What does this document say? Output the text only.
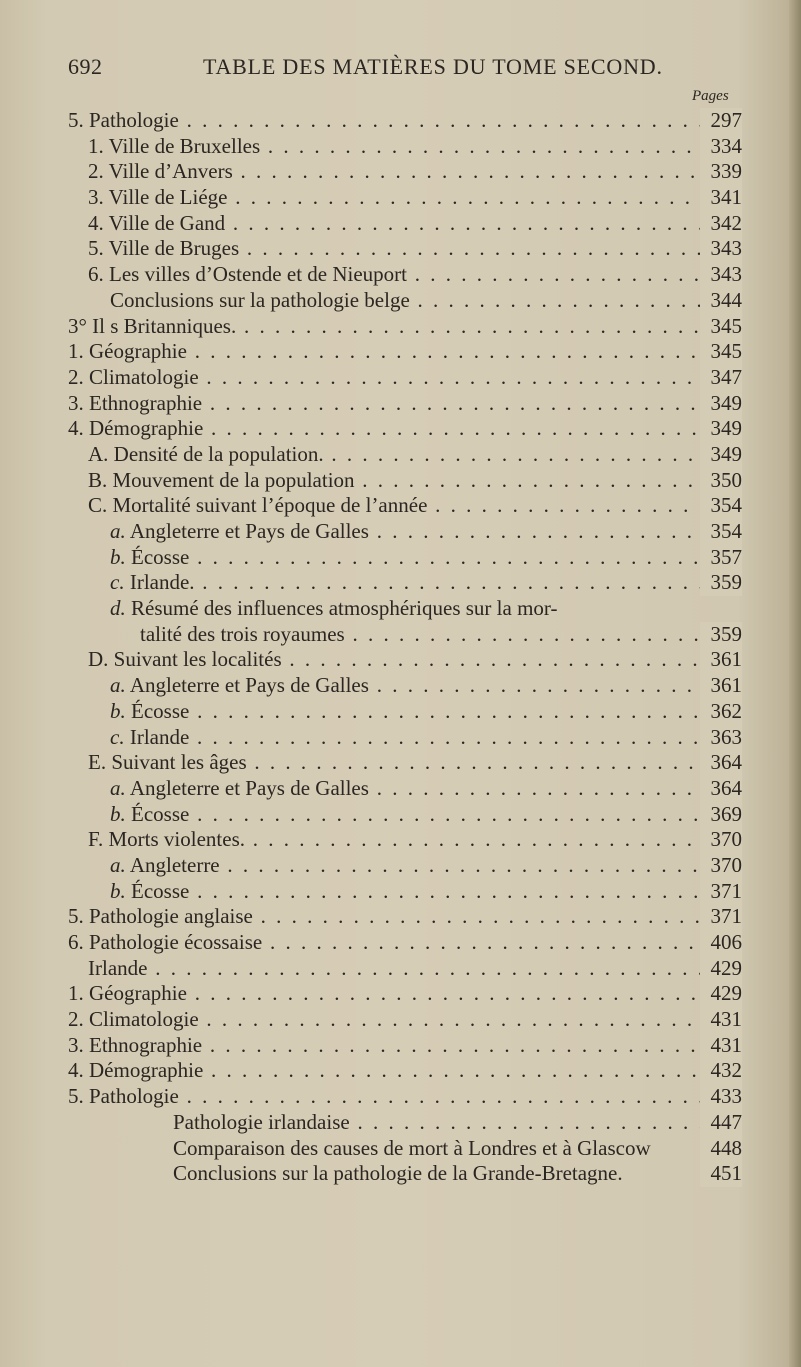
692	TABLE DES MATIÈRES DU TOME SECOND.
Pages
5. Pathologie . . .	297
1. Ville de Bruxelles . . .	334
2. Ville d’Anvers . . .	339
3. Ville de Liége . . .	341
4. Ville de Gand . . .	342
5. Ville de Bruges . . .	343
6. Les villes d’Ostende et de Nieuport . . .	343
Conclusions sur la pathologie belge . . .	344
3° Il s Britanniques. . . .	345
1. Géographie . . .	345
2. Climatologie . . .	347
3. Ethnographie . . .	349
4. Démographie . . .	349
A. Densité de la population. . . .	349
B. Mouvement de la population . . .	350
C. Mortalité suivant l’époque de l’année . . .	354
a. Angleterre et Pays de Galles . . .	354
b. Écosse . . .	357
c. Irlande. . . .	359
d. Résumé des influences atmosphériques sur la mor-
talité des trois royaumes . . .	359
D. Suivant les localités . . .	361
a. Angleterre et Pays de Galles . . .	361
b. Écosse . . .	362
c. Irlande . . .	363
E. Suivant les âges . . .	364
a. Angleterre et Pays de Galles . . .	364
b. Écosse . . .	369
F. Morts violentes. . . .	370
a. Angleterre . . .	370
b. Écosse . . .	371
5. Pathologie anglaise . . .	371
6. Pathologie écossaise . . .	406
Irlande . . .	429
1. Géographie . . .	429
2. Climatologie . . .	431
3. Ethnographie . . .	431
4. Démographie . . .	432
5. Pathologie . . .	433
Pathologie irlandaise . . .	447
Comparaison des causes de mort à Londres et à Glascow	448
Conclusions sur la pathologie de la Grande-Bretagne.	451
